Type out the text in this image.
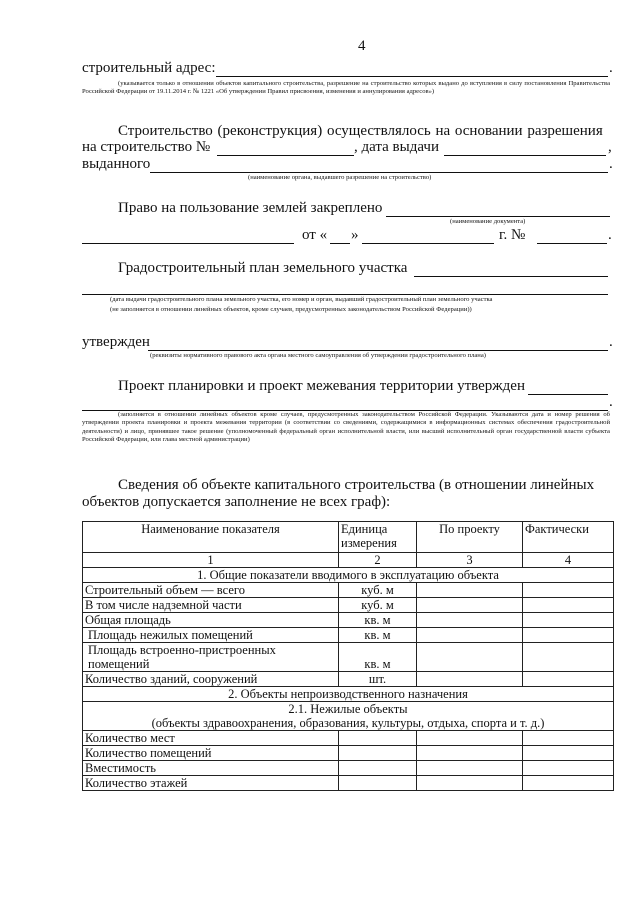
4
строительный адрес:	.
(указывается только в отношении объектов капитального строительства, разрешение на строительство которых выдано до вступления в силу постановления Правительства Российской Федерации от 19.11.2014 г. № 1221 «Об утверждении Правил присвоения, изменения и аннулирования адресов»)
Строительство (реконструкция) осуществлялось на основании разрешения
на строительство №	, дата выдачи	,
выданного	.
(наименование органа, выдавшего разрешение на строительство)
Право на пользование землей закреплено
(наименование документа)
от « »	г. №	.
Градостроительный план земельного участка
(дата выдачи градостроительного плана земельного участка, его номер и орган, выдавший градостроительный план земельного участка
(не заполняется в отношении линейных объектов, кроме случаев, предусмотренных законодательством Российской Федерации))
утвержден	.
(реквизиты нормативного правового акта органа местного самоуправления об утверждении градостроительного плана)
Проект планировки и проект межевания территории утвержден
.
(заполняется в отношении линейных объектов кроме случаев, предусмотренных законодательством Российской Федерации. Указываются дата и номер решения об утверждении проекта планировки и проекта межевания территории (в соответствии со сведениями, содержащимися в информационных системах обеспечения градостроительной деятельности) и лицо, принявшее такое решение (уполномоченный федеральный орган исполнительной власти, или высший исполнительный орган государственной власти субъекта Российской Федерации, или глава местной администрации)
Сведения об объекте капитального строительства (в отношении линейных
объектов допускается заполнение не всех граф):
Наименование показателя	Единица измерения	По проекту	Фактически
1	2	3	4
1. Общие показатели вводимого в эксплуатацию объекта			
Строительный объем — всего	куб. м		
В том числе надземной части	куб. м		
Общая площадь	кв. м		
Площадь нежилых помещений	кв. м		
Площадь встроенно-пристроенных
помещений	кв. м		
Количество зданий, сооружений	шт.		
2. Объекты непроизводственного назначения			
2.1. Нежилые объекты
(объекты здравоохранения, образования, культуры, отдыха, спорта и т. д.)			
Количество мест			
Количество помещений			
Вместимость			
Количество этажей			
